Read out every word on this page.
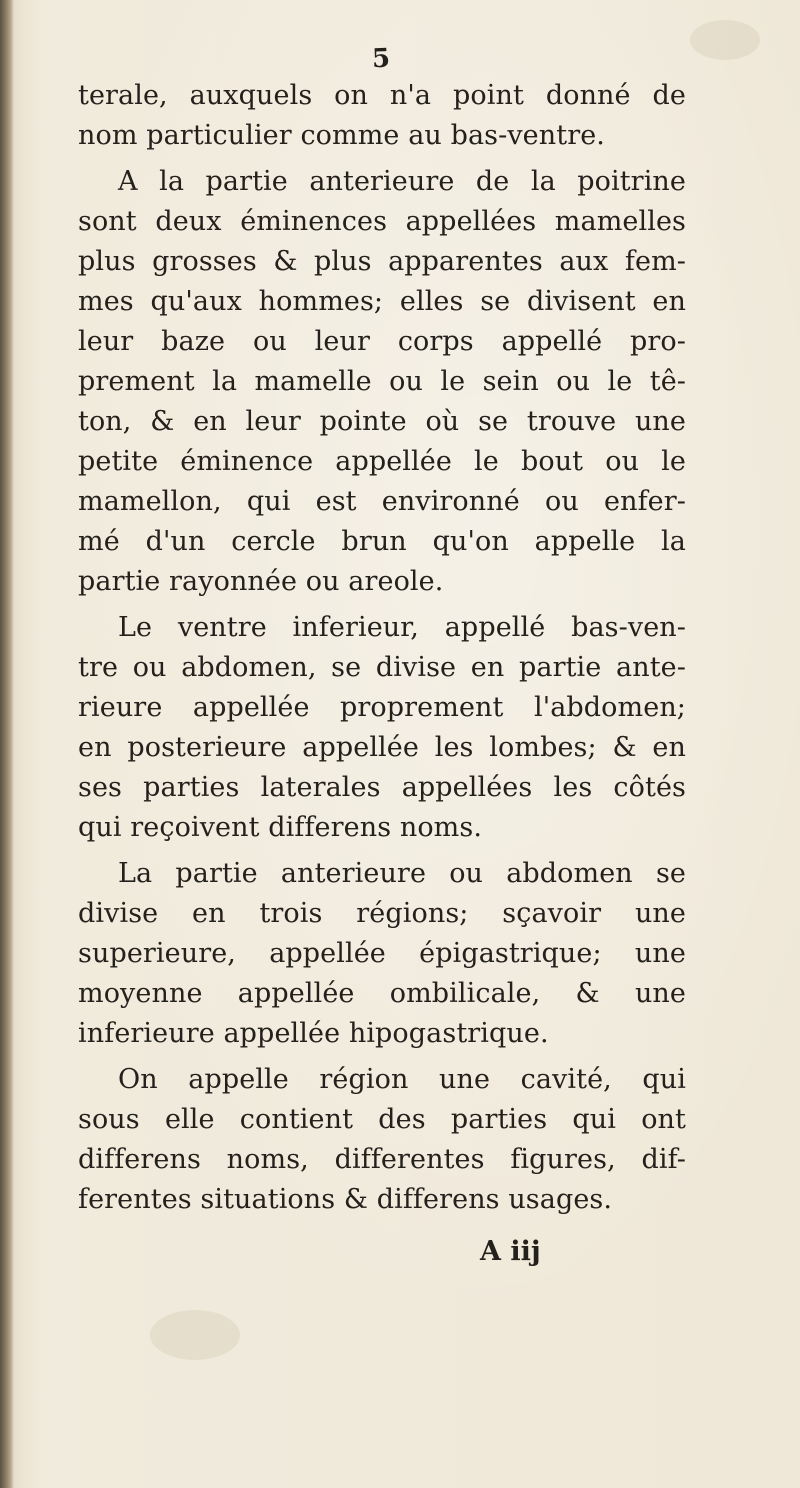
5
terale, auxquels on n'a point donné de
nom particulier comme au bas-ventre.
A la partie anterieure de la poitrine
sont deux éminences appellées mamelles
plus grosses & plus apparentes aux fem-
mes qu'aux hommes; elles se divisent en
leur baze ou leur corps appellé pro-
prement la mamelle ou le sein ou le tê-
ton, & en leur pointe où se trouve une
petite éminence appellée le bout ou le
mamellon, qui est environné ou enfer-
mé d'un cercle brun qu'on appelle la
partie rayonnée ou areole.
Le ventre inferieur, appellé bas-ven-
tre ou abdomen, se divise en partie ante-
rieure appellée proprement l'abdomen;
en posterieure appellée les lombes; & en
ses parties laterales appellées les côtés
qui reçoivent differens noms.
La partie anterieure ou abdomen se
divise en trois régions; sçavoir une
superieure, appellée épigastrique; une
moyenne appellée ombilicale, & une
inferieure appellée hipogastrique.
On appelle région une cavité, qui
sous elle contient des parties qui ont
differens noms, differentes figures, dif-
ferentes situations & differens usages.
A iij
